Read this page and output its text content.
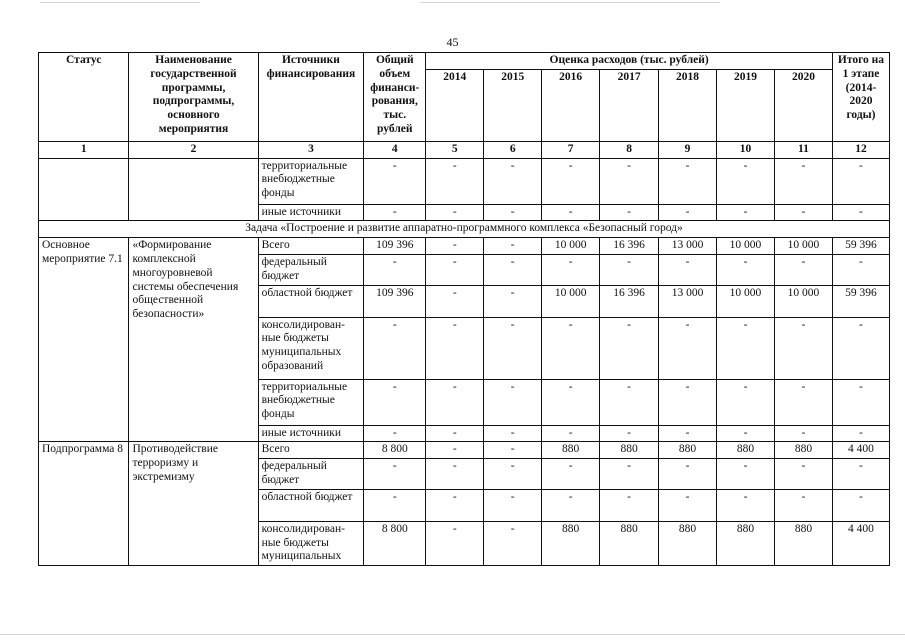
45
Статус	Наименование государственной программы, подпрограммы, основного мероприятия	Источники финансирования	Общий объем финанси-рования, тыс. рублей	Оценка расходов (тыс. рублей)							Итого на 1 этапе (2014-2020 годы)
				2014	2015	2016	2017	2018	2019	2020	
1	2	3	4	5	6	7	8	9	10	11	12
		территориальные внебюджетные фонды	-	-	-	-	-	-	-	-	-
		иные источники	-	-	-	-	-	-	-	-	-
Задача «Построение и развитие аппаратно-программного комплекса «Безопасный город»											
Основное мероприятие 7.1	«Формирование комплексной многоуровневой системы обеспечения общественной безопасности»	Всего	109 396	-	-	10 000	16 396	13 000	10 000	10 000	59 396
		федеральный бюджет	-	-	-	-	-	-	-	-	-
		областной бюджет	109 396	-	-	10 000	16 396	13 000	10 000	10 000	59 396
		консолидирован-ные бюджеты муниципальных образований	-	-	-	-	-	-	-	-	-
		территориальные внебюджетные фонды	-	-	-	-	-	-	-	-	-
		иные источники	-	-	-	-	-	-	-	-	-
Подпрограмма 8	Противодействие терроризму и экстремизму	Всего	8 800	-	-	880	880	880	880	880	4 400
		федеральный бюджет	-	-	-	-	-	-	-	-	-
		областной бюджет	-	-	-	-	-	-	-	-	-
		консолидирован-ные бюджеты муниципальных	8 800	-	-	880	880	880	880	880	4 400
